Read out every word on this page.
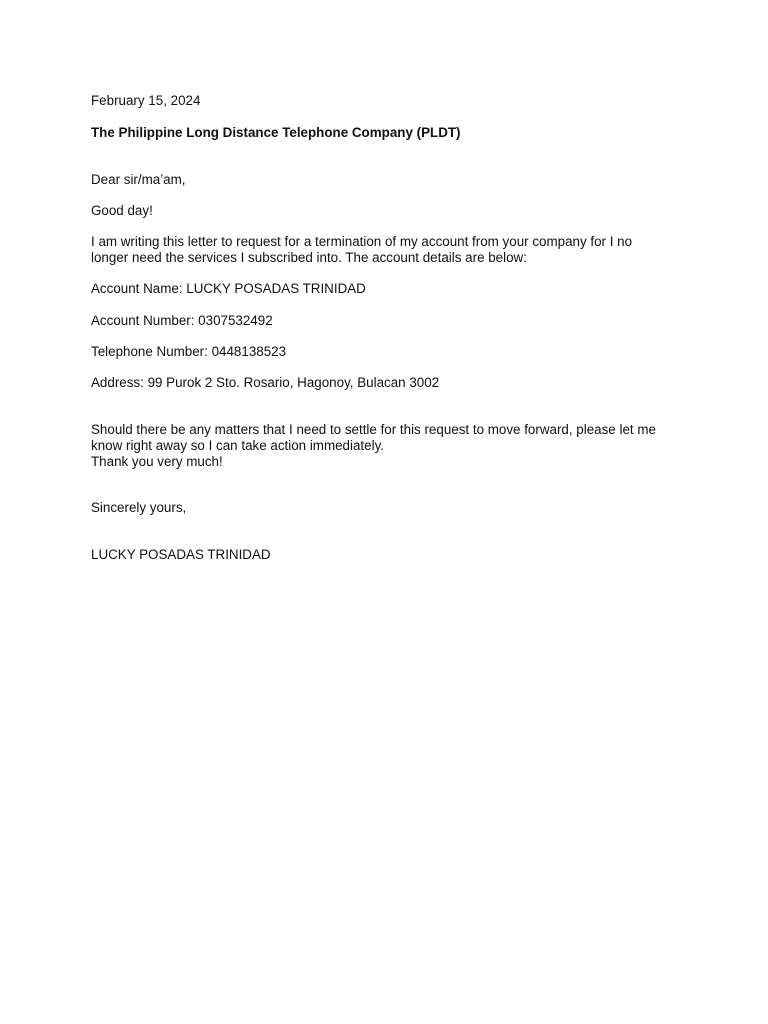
February 15, 2024
The Philippine Long Distance Telephone Company (PLDT)
Dear sir/ma’am,
Good day!
I am writing this letter to request for a termination of my account from your company for I no
longer need the services I subscribed into. The account details are below:
Account Name: LUCKY POSADAS TRINIDAD
Account Number: 0307532492
Telephone Number: 0448138523
Address: 99 Purok 2 Sto. Rosario, Hagonoy, Bulacan 3002
Should there be any matters that I need to settle for this request to move forward, please let me
know right away so I can take action immediately.
Thank you very much!
Sincerely yours,
LUCKY POSADAS TRINIDAD
